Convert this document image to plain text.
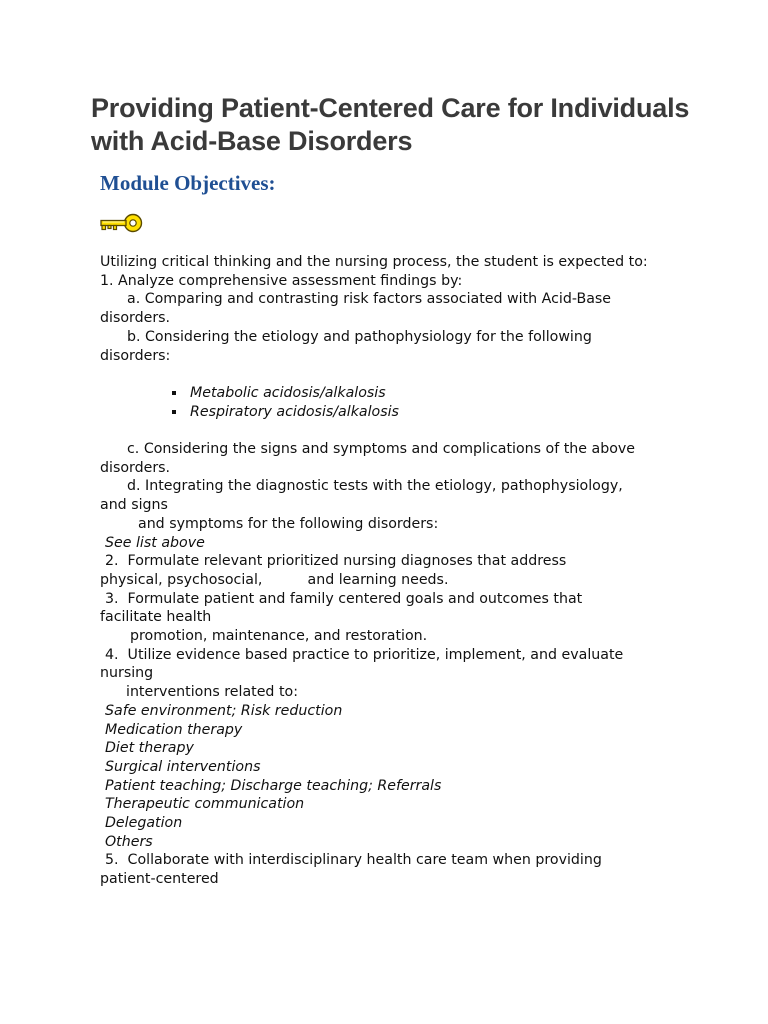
Providing Patient-Centered Care for Individuals with Acid-Base Disorders
Module Objectives:
Utilizing critical thinking and the nursing process, the student is expected to:
1. Analyze comprehensive assessment findings by:
a. Comparing and contrasting risk factors associated with Acid-Base disorders.
b. Considering the etiology and pathophysiology for the following
disorders:
Metabolic acidosis/alkalosis
Respiratory acidosis/alkalosis
c. Considering the signs and symptoms and complications of the above
disorders.
d. Integrating the diagnostic tests with the etiology, pathophysiology,
and signs
and symptoms for the following disorders:
See list above
2.  Formulate relevant prioritized nursing diagnoses that address
physical, psychosocial,          and learning needs.
3.  Formulate patient and family centered goals and outcomes that
facilitate health
promotion, maintenance, and restoration.
4.  Utilize evidence based practice to prioritize, implement, and evaluate
nursing
interventions related to:
Safe environment; Risk reduction
Medication therapy
Diet therapy
Surgical interventions
Patient teaching; Discharge teaching; Referrals
Therapeutic communication
Delegation
Others
5.  Collaborate with interdisciplinary health care team when providing
patient-centered
